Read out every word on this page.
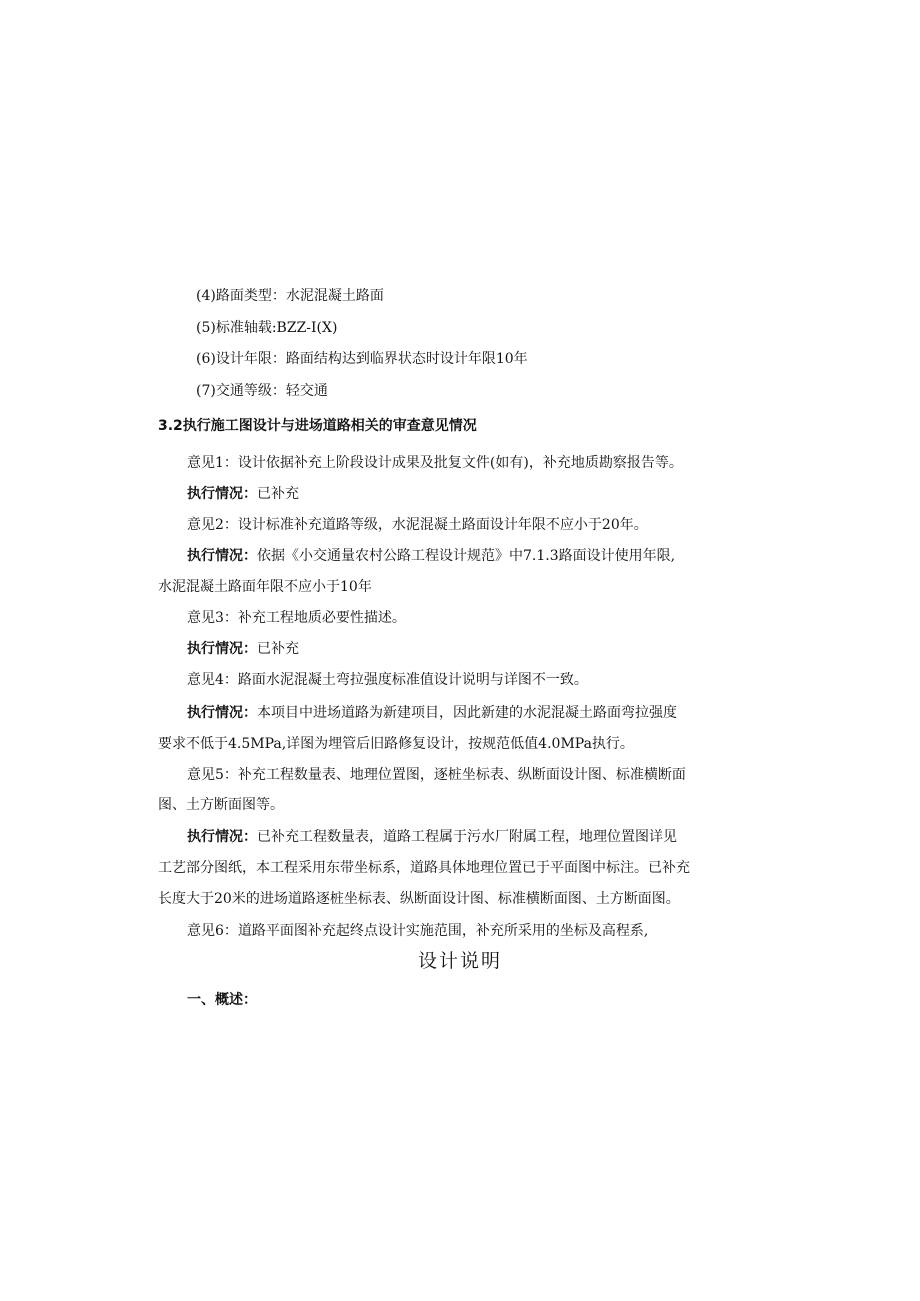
(4)路面类型：水泥混凝土路面
(5)标准轴载:BZZ-I(X)
(6)设计年限：路面结构达到临界状态时设计年限10年
(7)交通等级：轻交通
3.2执行施工图设计与进场道路相关的审查意见情况
意见1：设计依据补充上阶段设计成果及批复文件(如有)，补充地质勘察报告等。
执行情况：已补充
意见2：设计标准补充道路等级，水泥混凝土路面设计年限不应小于20年。
执行情况：依据《小交通量农村公路工程设计规范》中7.1.3路面设计使用年限,
水泥混凝土路面年限不应小于10年
意见3：补充工程地质必要性描述。
执行情况：已补充
意见4：路面水泥混凝土弯拉强度标准值设计说明与详图不一致。
执行情况：本项目中进场道路为新建项目，因此新建的水泥混凝土路面弯拉强度
要求不低于4.5MPa,详图为埋管后旧路修复设计，按规范低值4.0MPa执行。
意见5：补充工程数量表、地理位置图，逐桩坐标表、纵断面设计图、标准横断面
图、土方断面图等。
执行情况：已补充工程数量表，道路工程属于污水厂附属工程，地理位置图详见
工艺部分图纸，本工程采用东带坐标系，道路具体地理位置已于平面图中标注。已补充
长度大于20米的进场道路逐桩坐标表、纵断面设计图、标准横断面图、土方断面图。
意见6：道路平面图补充起终点设计实施范围，补充所采用的坐标及高程系,
设计说明
一、概述：
